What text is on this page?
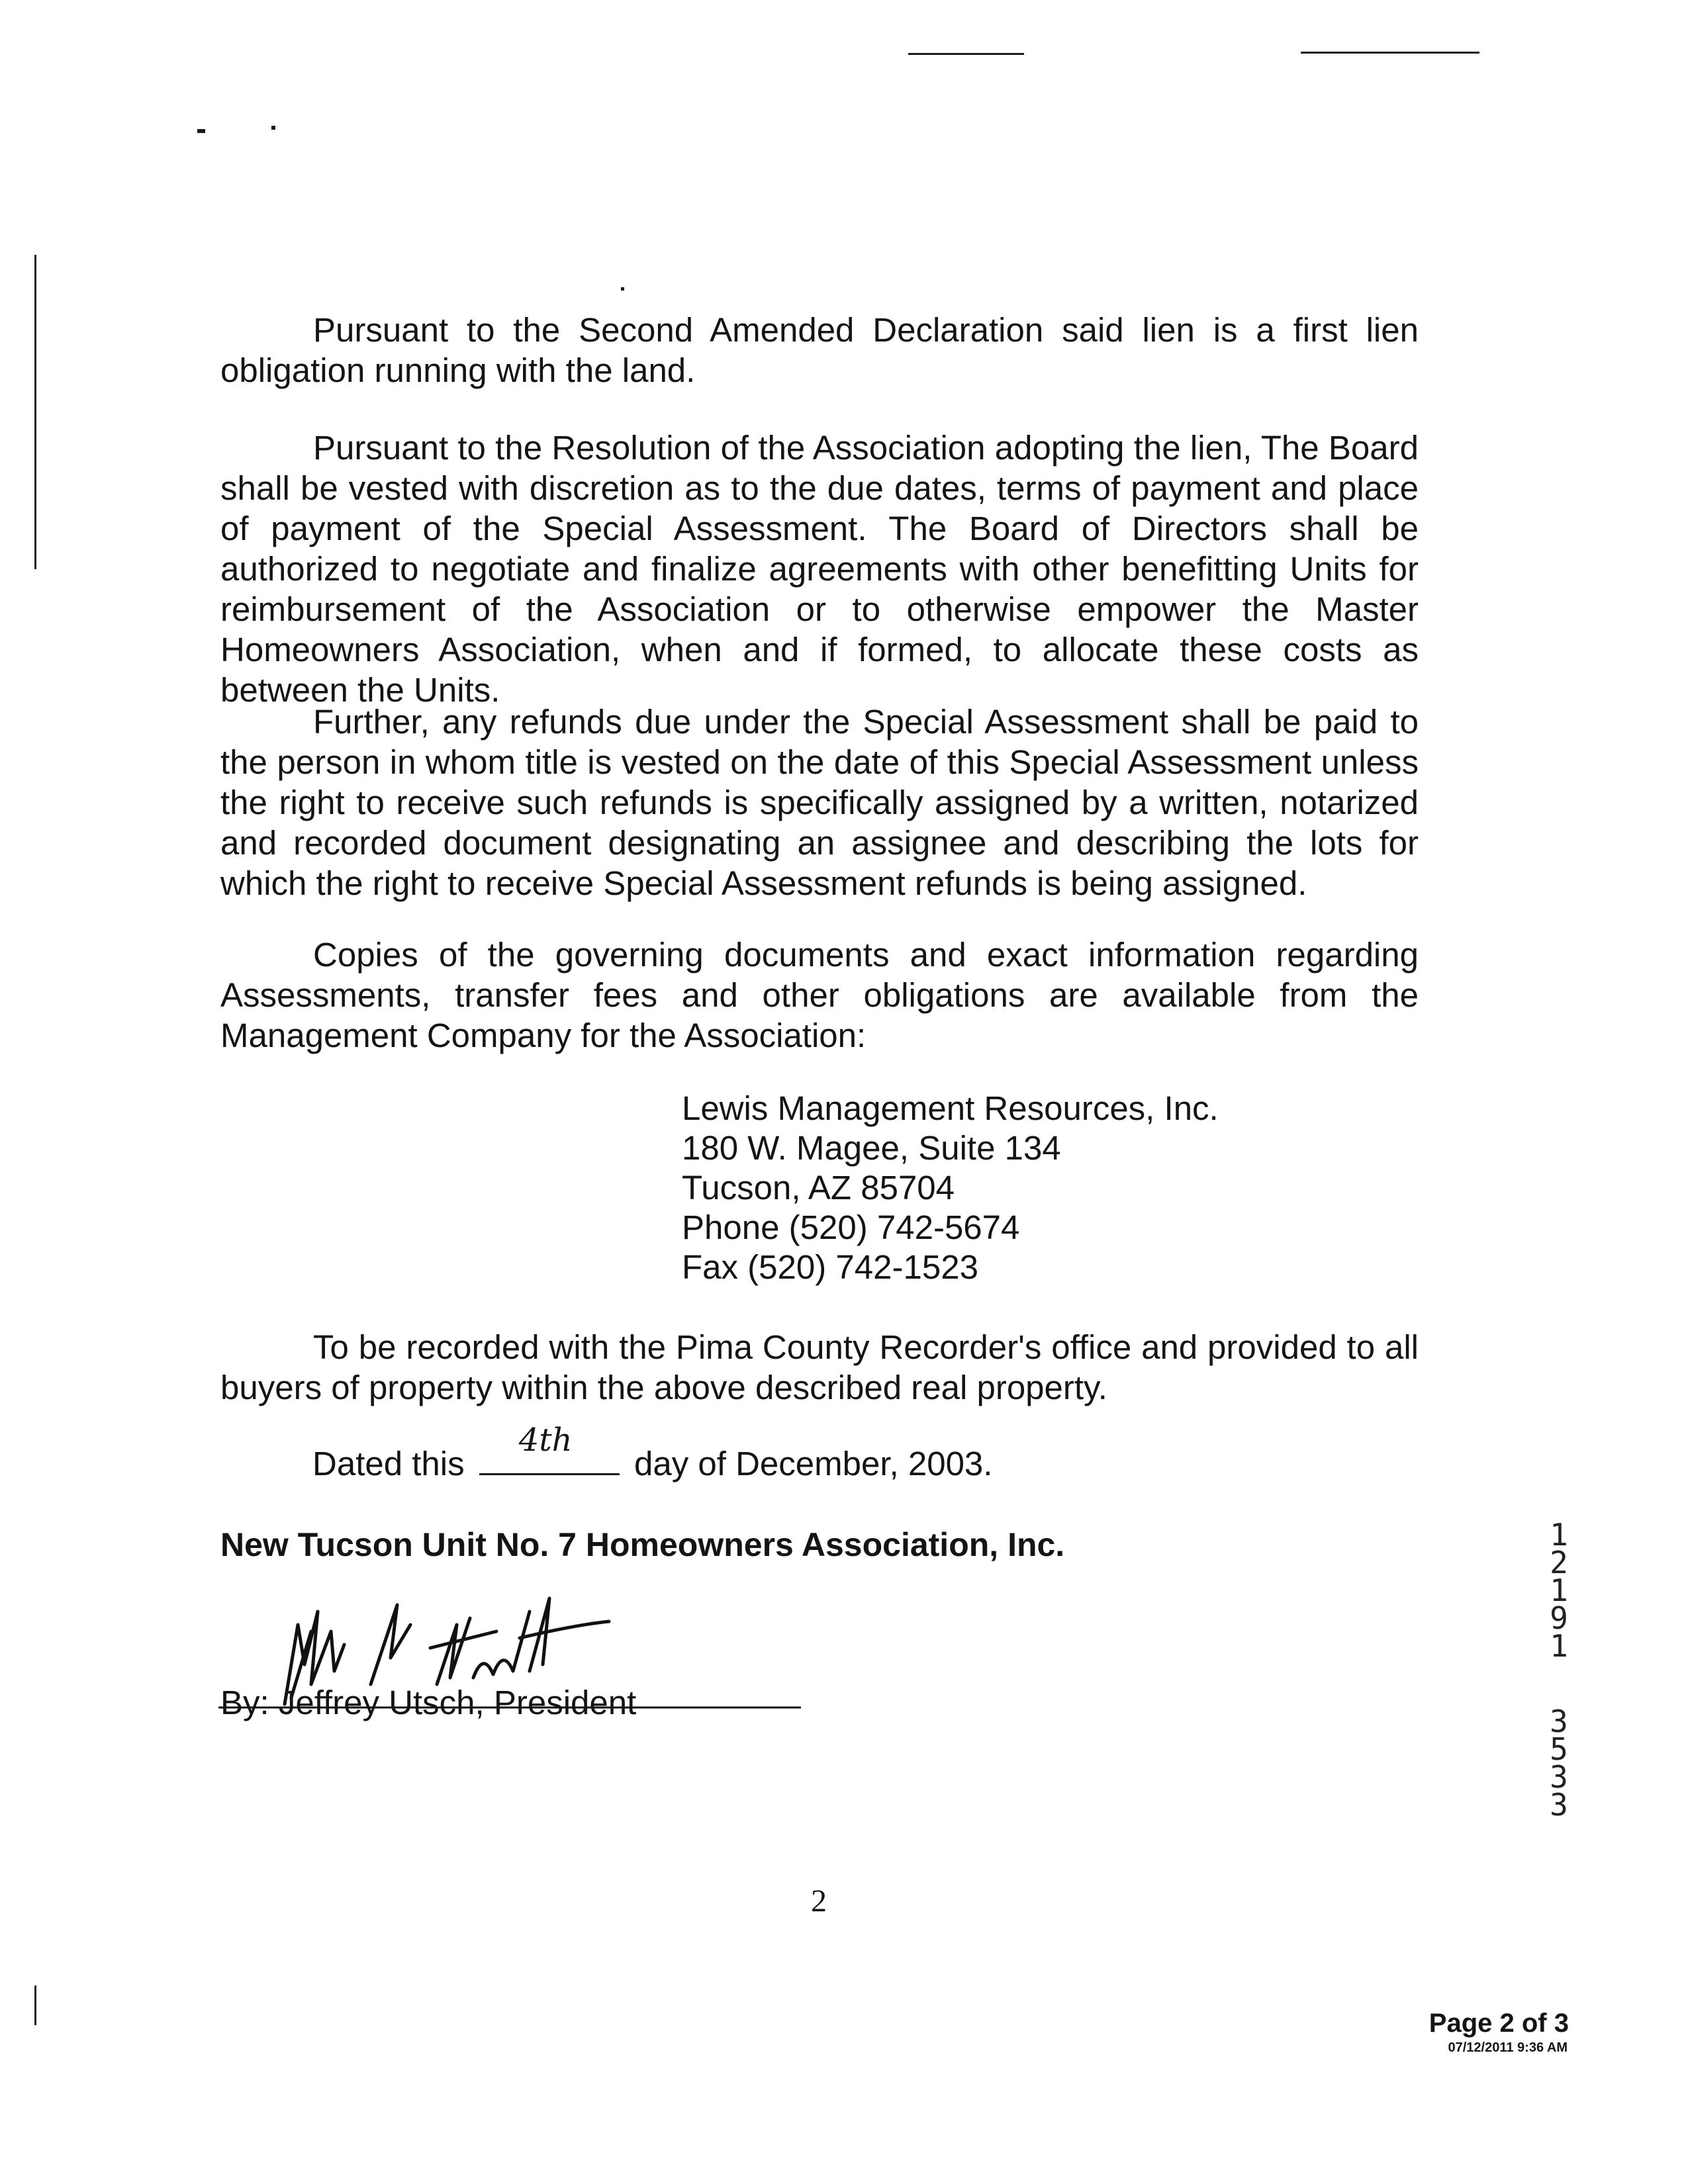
Pursuant to the Second Amended Declaration said lien is a first lien obligation running with the land.

Pursuant to the Resolution of the Association adopting the lien, The Board shall be vested with discretion as to the due dates, terms of payment and place of payment of the Special Assessment. The Board of Directors shall be authorized to negotiate and finalize agreements with other benefitting Units for reimbursement of the Association or to otherwise empower the Master Homeowners Association, when and if formed, to allocate these costs as between the Units.

Further, any refunds due under the Special Assessment shall be paid to the person in whom title is vested on the date of this Special Assessment unless the right to receive such refunds is specifically assigned by a written, notarized and recorded document designating an assignee and describing the lots for which the right to receive Special Assessment refunds is being assigned.

Copies of the governing documents and exact information regarding Assessments, transfer fees and other obligations are available from the Management Company for the Association:

Lewis Management Resources, Inc.
180 W. Magee, Suite 134
Tucson, AZ 85704
Phone (520) 742-5674
Fax (520) 742-1523

To be recorded with the Pima County Recorder's office and provided to all buyers of property within the above described real property.

Dated this
4th
day of December, 2003.
New Tucson Unit No. 7 Homeowners Association, Inc.
By: Jeffrey Utsch, President
1
2
1
9
1
3
5
3
3
2
Page 2 of 3
07/12/2011 9:36 AM
